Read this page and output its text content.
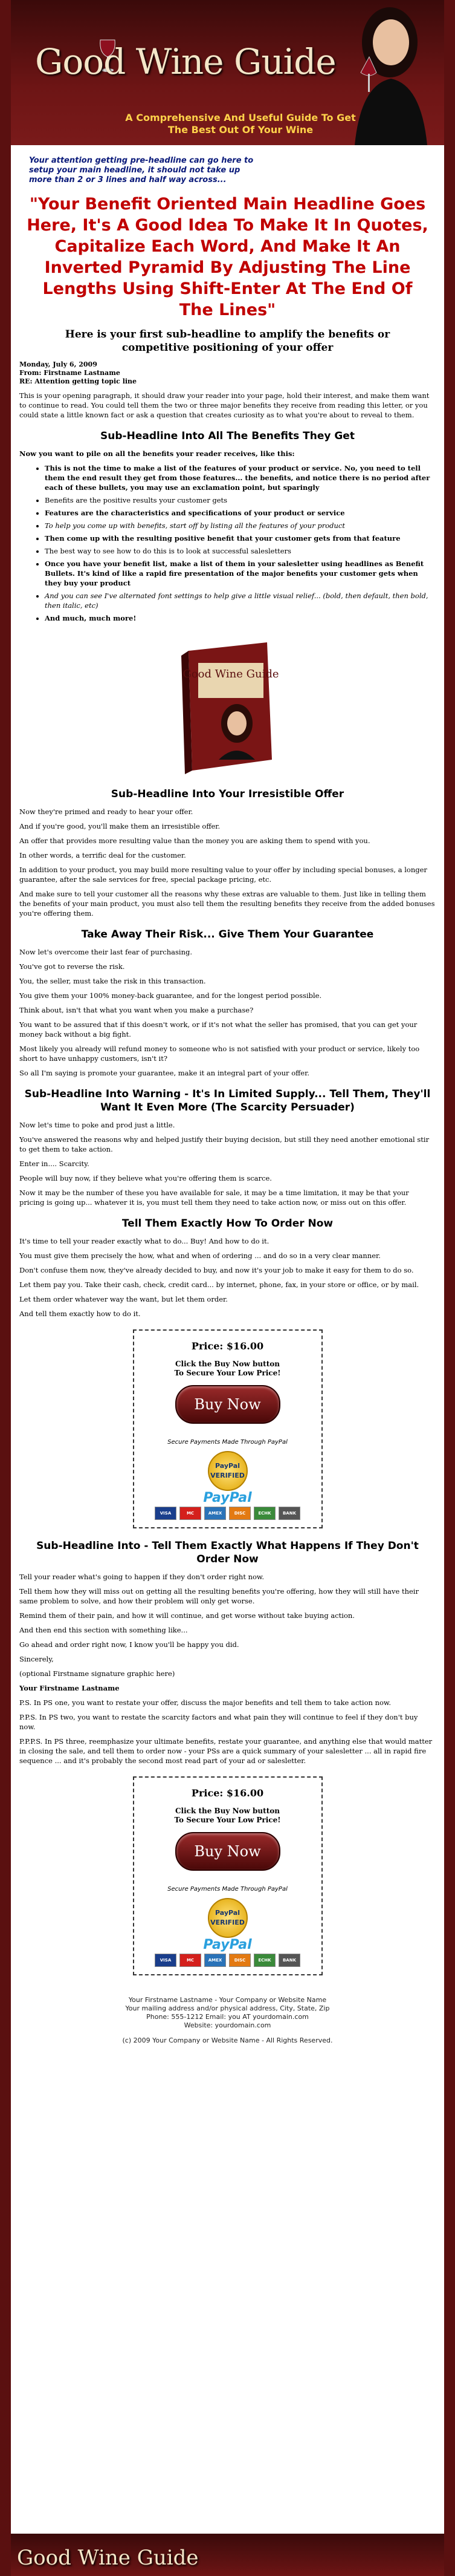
Good Wine Guide
A Comprehensive And Useful Guide To Get The Best Out Of Your Wine
Your attention getting pre-headline can go here to setup your main headline, it should not take up more than 2 or 3 lines and half way across...
"Your Benefit Oriented Main Headline Goes Here, It's A Good Idea To Make It In Quotes, Capitalize Each Word, And Make It An Inverted Pyramid By Adjusting The Line Lengths Using Shift-Enter At The End Of The Lines"
Here is your first sub-headline to amplify the benefits or competitive positioning of your offer
Monday, July 6, 2009
From: Firstname Lastname
RE: Attention getting topic line
This is your opening paragraph, it should draw your reader into your page, hold their interest, and make them want to continue to read. You could tell them the two or three major benefits they receive from reading this letter, or you could state a little known fact or ask a question that creates curiosity as to what you're about to reveal to them.
Sub-Headline Into All The Benefits They Get
Now you want to pile on all the benefits your reader receives, like this:
• This is not the time to make a list of the features of your product or service. No, you need to tell them the end result they get from those features... the benefits, and notice there is no period after each of these bullets, you may use an exclamation point, but sparingly
• Benefits are the positive results your customer gets
• Features are the characteristics and specifications of your product or service
• To help you come up with benefits, start off by listing all the features of your product
• Then come up with the resulting positive benefit that your customer gets from that feature
• The best way to see how to do this is to look at successful salesletters
• Once you have your benefit list, make a list of them in your salesletter using headlines as Benefit Bullets. It's kind of like a rapid fire presentation of the major benefits your customer gets when they buy your product
• And you can see I've alternated font settings to help give a little visual relief... (bold, then default, then bold, then italic, etc)
• And much, much more!
Good Wine Guide
Sub-Headline Into Your Irresistible Offer
Now they're primed and ready to hear your offer.
And if you're good, you'll make them an irresistible offer.
An offer that provides more resulting value than the money you are asking them to spend with you.
In other words, a terrific deal for the customer.
In addition to your product, you may build more resulting value to your offer by including special bonuses, a longer guarantee, after the sale services for free, special package pricing, etc.
And make sure to tell your customer all the reasons why these extras are valuable to them. Just like in telling them the benefits of your main product, you must also tell them the resulting benefits they receive from the added bonuses you're offering them.
Take Away Their Risk... Give Them Your Guarantee
Now let's overcome their last fear of purchasing.
You've got to reverse the risk.
You, the seller, must take the risk in this transaction.
You give them your 100% money-back guarantee, and for the longest period possible.
Think about, isn't that what you want when you make a purchase?
You want to be assured that if this doesn't work, or if it's not what the seller has promised, that you can get your money back without a big fight.
Most likely you already will refund money to someone who is not satisfied with your product or service, likely too short to have unhappy customers, isn't it?
So all I'm saying is promote your guarantee, make it an integral part of your offer.
Sub-Headline Into Warning - It's In Limited Supply... Tell Them, They'll Want It Even More (The Scarcity Persuader)
Now let's time to poke and prod just a little.
You've answered the reasons why and helped justify their buying decision, but still they need another emotional stir to get them to take action.
Enter in.... Scarcity.
People will buy now, if they believe what you're offering them is scarce.
Now it may be the number of these you have available for sale, it may be a time limitation, it may be that your pricing is going up... whatever it is, you must tell them they need to take action now, or miss out on this offer.
Tell Them Exactly How To Order Now
It's time to tell your reader exactly what to do... Buy! And how to do it.
You must give them precisely the how, what and when of ordering ... and do so in a very clear manner.
Don't confuse them now, they've already decided to buy, and now it's your job to make it easy for them to do so.
Let them pay you. Take their cash, check, credit card... by internet, phone, fax, in your store or office, or by mail.
Let them order whatever way the want, but let them order.
And tell them exactly how to do it.
Price: $16.00
Click the Buy Now button To Secure Your Low Price!
Buy Now
Secure Payments Made Through PayPal
PayPal VERIFIED
PayPal
VISA	MC	AMEX	DISC	ECHK	BANK
Sub-Headline Into - Tell Them Exactly What Happens If They Don't Order Now
Tell your reader what's going to happen if they don't order right now.
Tell them how they will miss out on getting all the resulting benefits you're offering, how they will still have their same problem to solve, and how their problem will only get worse.
Remind them of their pain, and how it will continue, and get worse without take buying action.
And then end this section with something like...
Go ahead and order right now, I know you'll be happy you did.
Sincerely,
(optional Firstname signature graphic here)
Your Firstname Lastname
P.S. In PS one, you want to restate your offer, discuss the major benefits and tell them to take action now.
P.P.S. In PS two, you want to restate the scarcity factors and what pain they will continue to feel if they don't buy now.
P.P.P.S. In PS three, reemphasize your ultimate benefits, restate your guarantee, and anything else that would matter in closing the sale, and tell them to order now - your PSs are a quick summary of your salesletter ... all in rapid fire sequence ... and it's probably the second most read part of your ad or salesletter.
Price: $16.00
Click the Buy Now button To Secure Your Low Price!
Buy Now
Secure Payments Made Through PayPal
PayPal VERIFIED
PayPal
VISA	MC	AMEX	DISC	ECHK	BANK
Your Firstname Lastname - Your Company or Website Name
Your mailing address and/or physical address, City, State, Zip
Phone: 555-1212 Email: you AT yourdomain.com
Website: yourdomain.com
(c) 2009 Your Company or Website Name - All Rights Reserved.
Good Wine Guide
